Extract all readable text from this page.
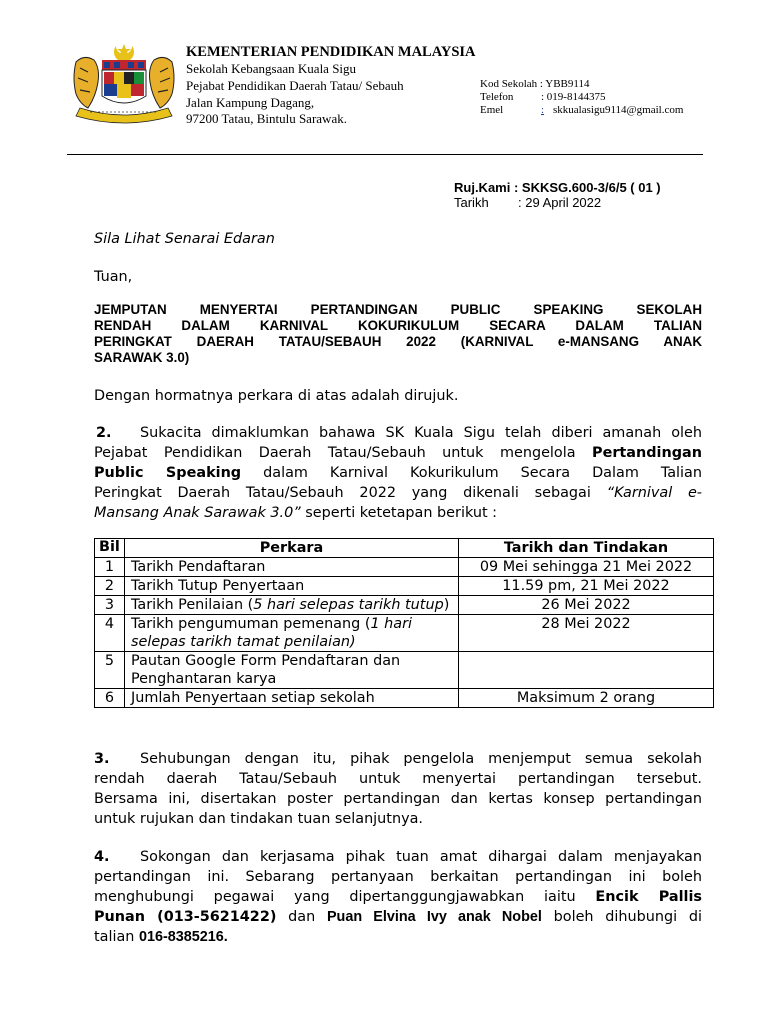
KEMENTERIAN PENDIDIKAN MALAYSIA
Sekolah Kebangsaan Kuala Sigu
Pejabat Pendidikan Daerah Tatau/ Sebauh
Jalan Kampung Dagang,
97200 Tatau, Bintulu Sarawak.
Kod Sekolah : YBB9114
Telefon	: 019-8144375
Emel	: skkualasigu9114@gmail.com
Ruj.Kami : SKKSG.600-3/6/5 ( 01 )
Tarikh : 29 April 2022
Sila Lihat Senarai Edaran
Tuan,
JEMPUTAN MENYERTAI PERTANDINGAN PUBLIC SPEAKING SEKOLAH
RENDAH DALAM KARNIVAL KOKURIKULUM SECARA DALAM TALIAN
PERINGKAT DAERAH TATAU/SEBAUH 2022 (KARNIVAL e-MANSANG ANAK
SARAWAK 3.0)
Dengan hormatnya perkara di atas adalah dirujuk.
2. Sukacita dimaklumkan bahawa SK Kuala Sigu telah diberi amanah oleh
Pejabat Pendidikan Daerah Tatau/Sebauh untuk mengelola Pertandingan
Public Speaking dalam Karnival Kokurikulum Secara Dalam Talian
Peringkat Daerah Tatau/Sebauh 2022 yang dikenali sebagai “Karnival e-
Mansang Anak Sarawak 3.0” seperti ketetapan berikut :
Bil	Perkara	Tarikh dan Tindakan
1	Tarikh Pendaftaran	09 Mei sehingga 21 Mei 2022
2	Tarikh Tutup Penyertaan	11.59 pm, 21 Mei 2022
3	Tarikh Penilaian (5 hari selepas tarikh tutup)	26 Mei 2022
4	Tarikh pengumuman pemenang (1 hari selepas tarikh tamat penilaian)	28 Mei 2022
5	Pautan Google Form Pendaftaran dan Penghantaran karya	
6	Jumlah Penyertaan setiap sekolah	Maksimum 2 orang
3. Sehubungan dengan itu, pihak pengelola menjemput semua sekolah
rendah daerah Tatau/Sebauh untuk menyertai pertandingan tersebut.
Bersama ini, disertakan poster pertandingan dan kertas konsep pertandingan
untuk rujukan dan tindakan tuan selanjutnya.
4. Sokongan dan kerjasama pihak tuan amat dihargai dalam menjayakan
pertandingan ini. Sebarang pertanyaan berkaitan pertandingan ini boleh
menghubungi pegawai yang dipertanggungjawabkan iaitu Encik Pallis
Punan (013-5621422) dan Puan Elvina Ivy anak Nobel boleh dihubungi di
talian 016-8385216.
